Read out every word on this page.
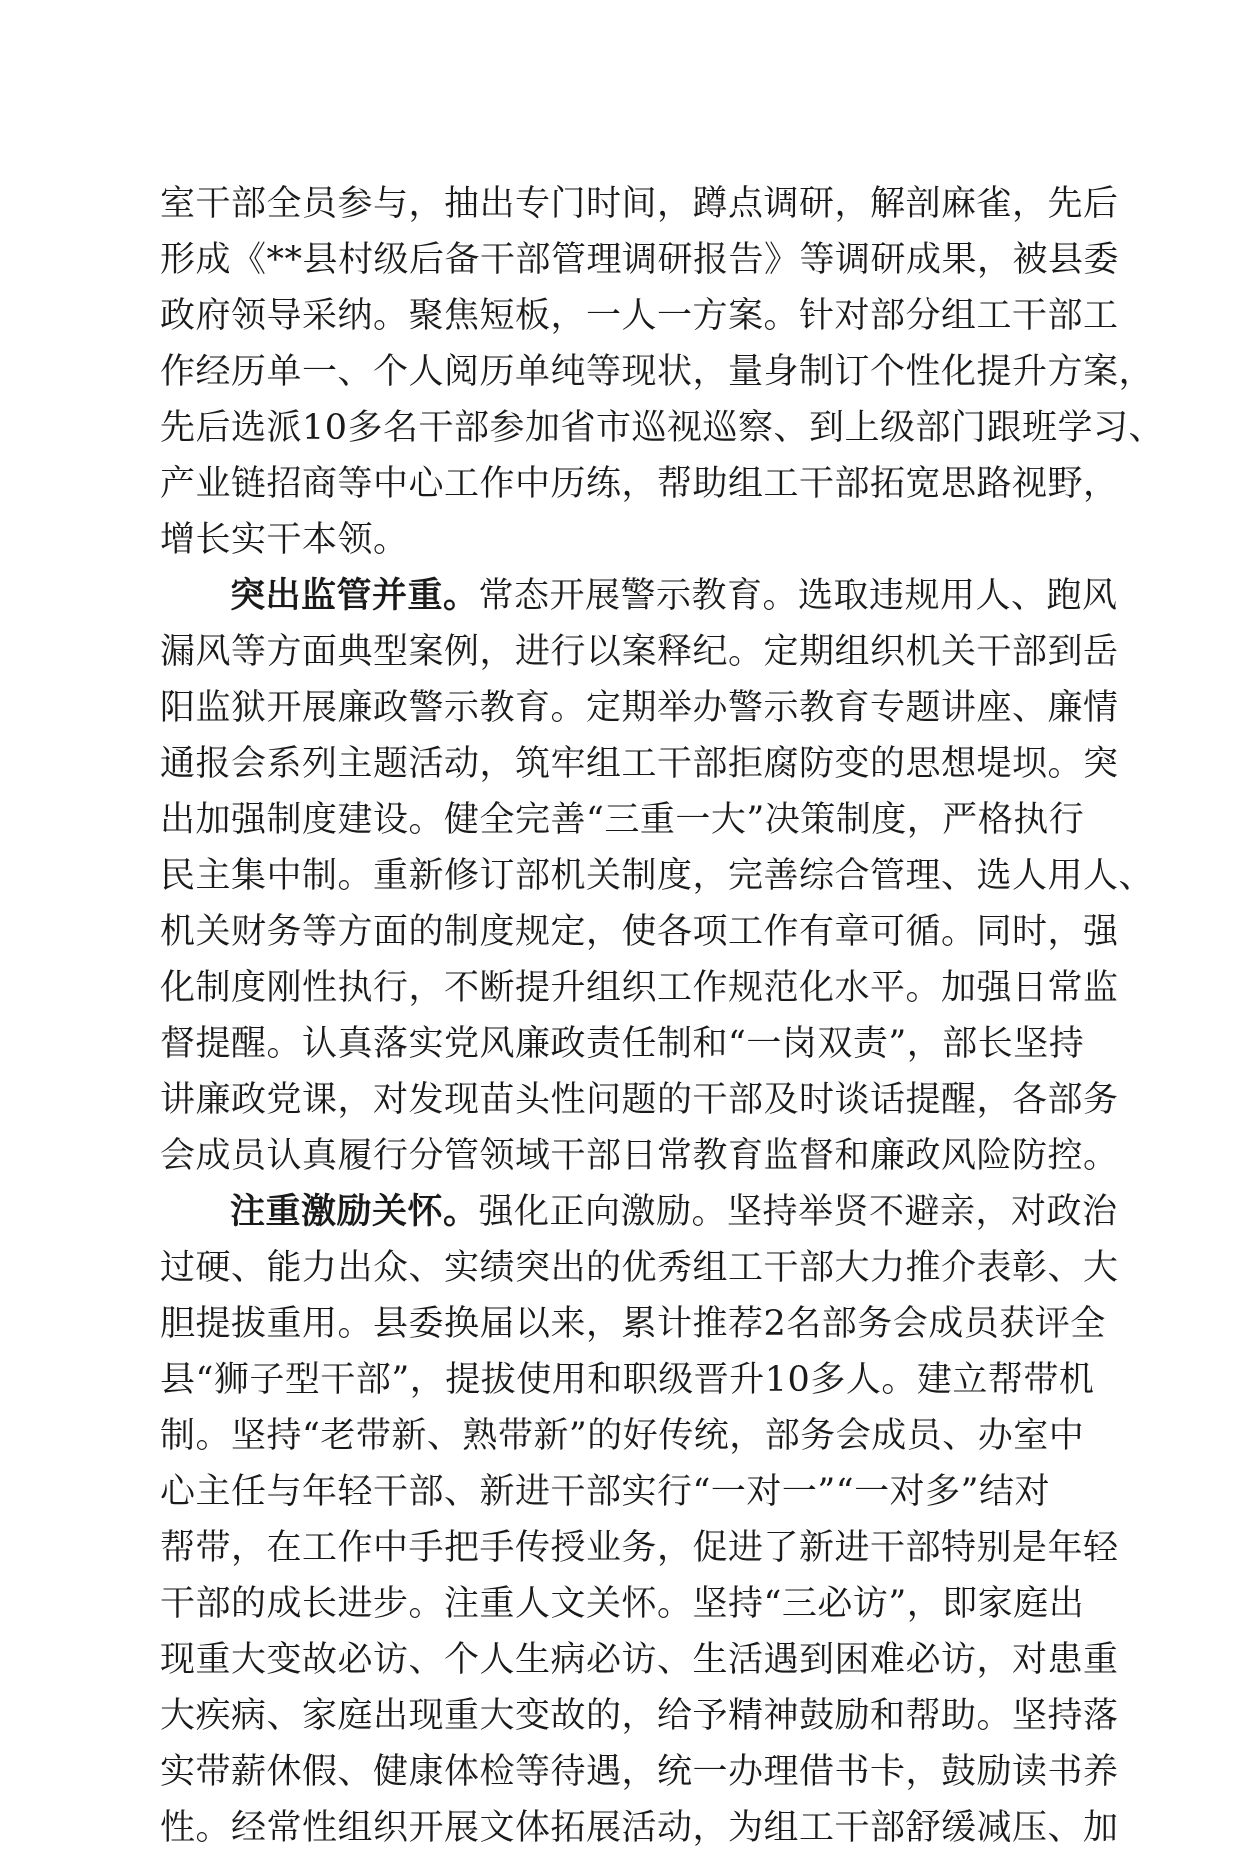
室干部全员参与，抽出专门时间，蹲点调研，解剖麻雀，先后
形成《**县村级后备干部管理调研报告》等调研成果，被县委
政府领导采纳。聚焦短板，一人一方案。针对部分组工干部工
作经历单一、个人阅历单纯等现状，量身制订个性化提升方案，
先后选派10多名干部参加省市巡视巡察、到上级部门跟班学习、
产业链招商等中心工作中历练，帮助组工干部拓宽思路视野，
增长实干本领。
突出监管并重。常态开展警示教育。选取违规用人、跑风
漏风等方面典型案例，进行以案释纪。定期组织机关干部到岳
阳监狱开展廉政警示教育。定期举办警示教育专题讲座、廉情
通报会系列主题活动，筑牢组工干部拒腐防变的思想堤坝。突
出加强制度建设。健全完善“三重一大”决策制度，严格执行
民主集中制。重新修订部机关制度，完善综合管理、选人用人、
机关财务等方面的制度规定，使各项工作有章可循。同时，强
化制度刚性执行，不断提升组织工作规范化水平。加强日常监
督提醒。认真落实党风廉政责任制和“一岗双责”，部长坚持
讲廉政党课，对发现苗头性问题的干部及时谈话提醒，各部务
会成员认真履行分管领域干部日常教育监督和廉政风险防控。
注重激励关怀。强化正向激励。坚持举贤不避亲，对政治
过硬、能力出众、实绩突出的优秀组工干部大力推介表彰、大
胆提拔重用。县委换届以来，累计推荐2名部务会成员获评全
县“狮子型干部”，提拔使用和职级晋升10多人。建立帮带机
制。坚持“老带新、熟带新”的好传统，部务会成员、办室中
心主任与年轻干部、新进干部实行“一对一”“一对多”结对
帮带，在工作中手把手传授业务，促进了新进干部特别是年轻
干部的成长进步。注重人文关怀。坚持“三必访”，即家庭出
现重大变故必访、个人生病必访、生活遇到困难必访，对患重
大疾病、家庭出现重大变故的，给予精神鼓励和帮助。坚持落
实带薪休假、健康体检等待遇，统一办理借书卡，鼓励读书养
性。经常性组织开展文体拓展活动，为组工干部舒缓减压、加
